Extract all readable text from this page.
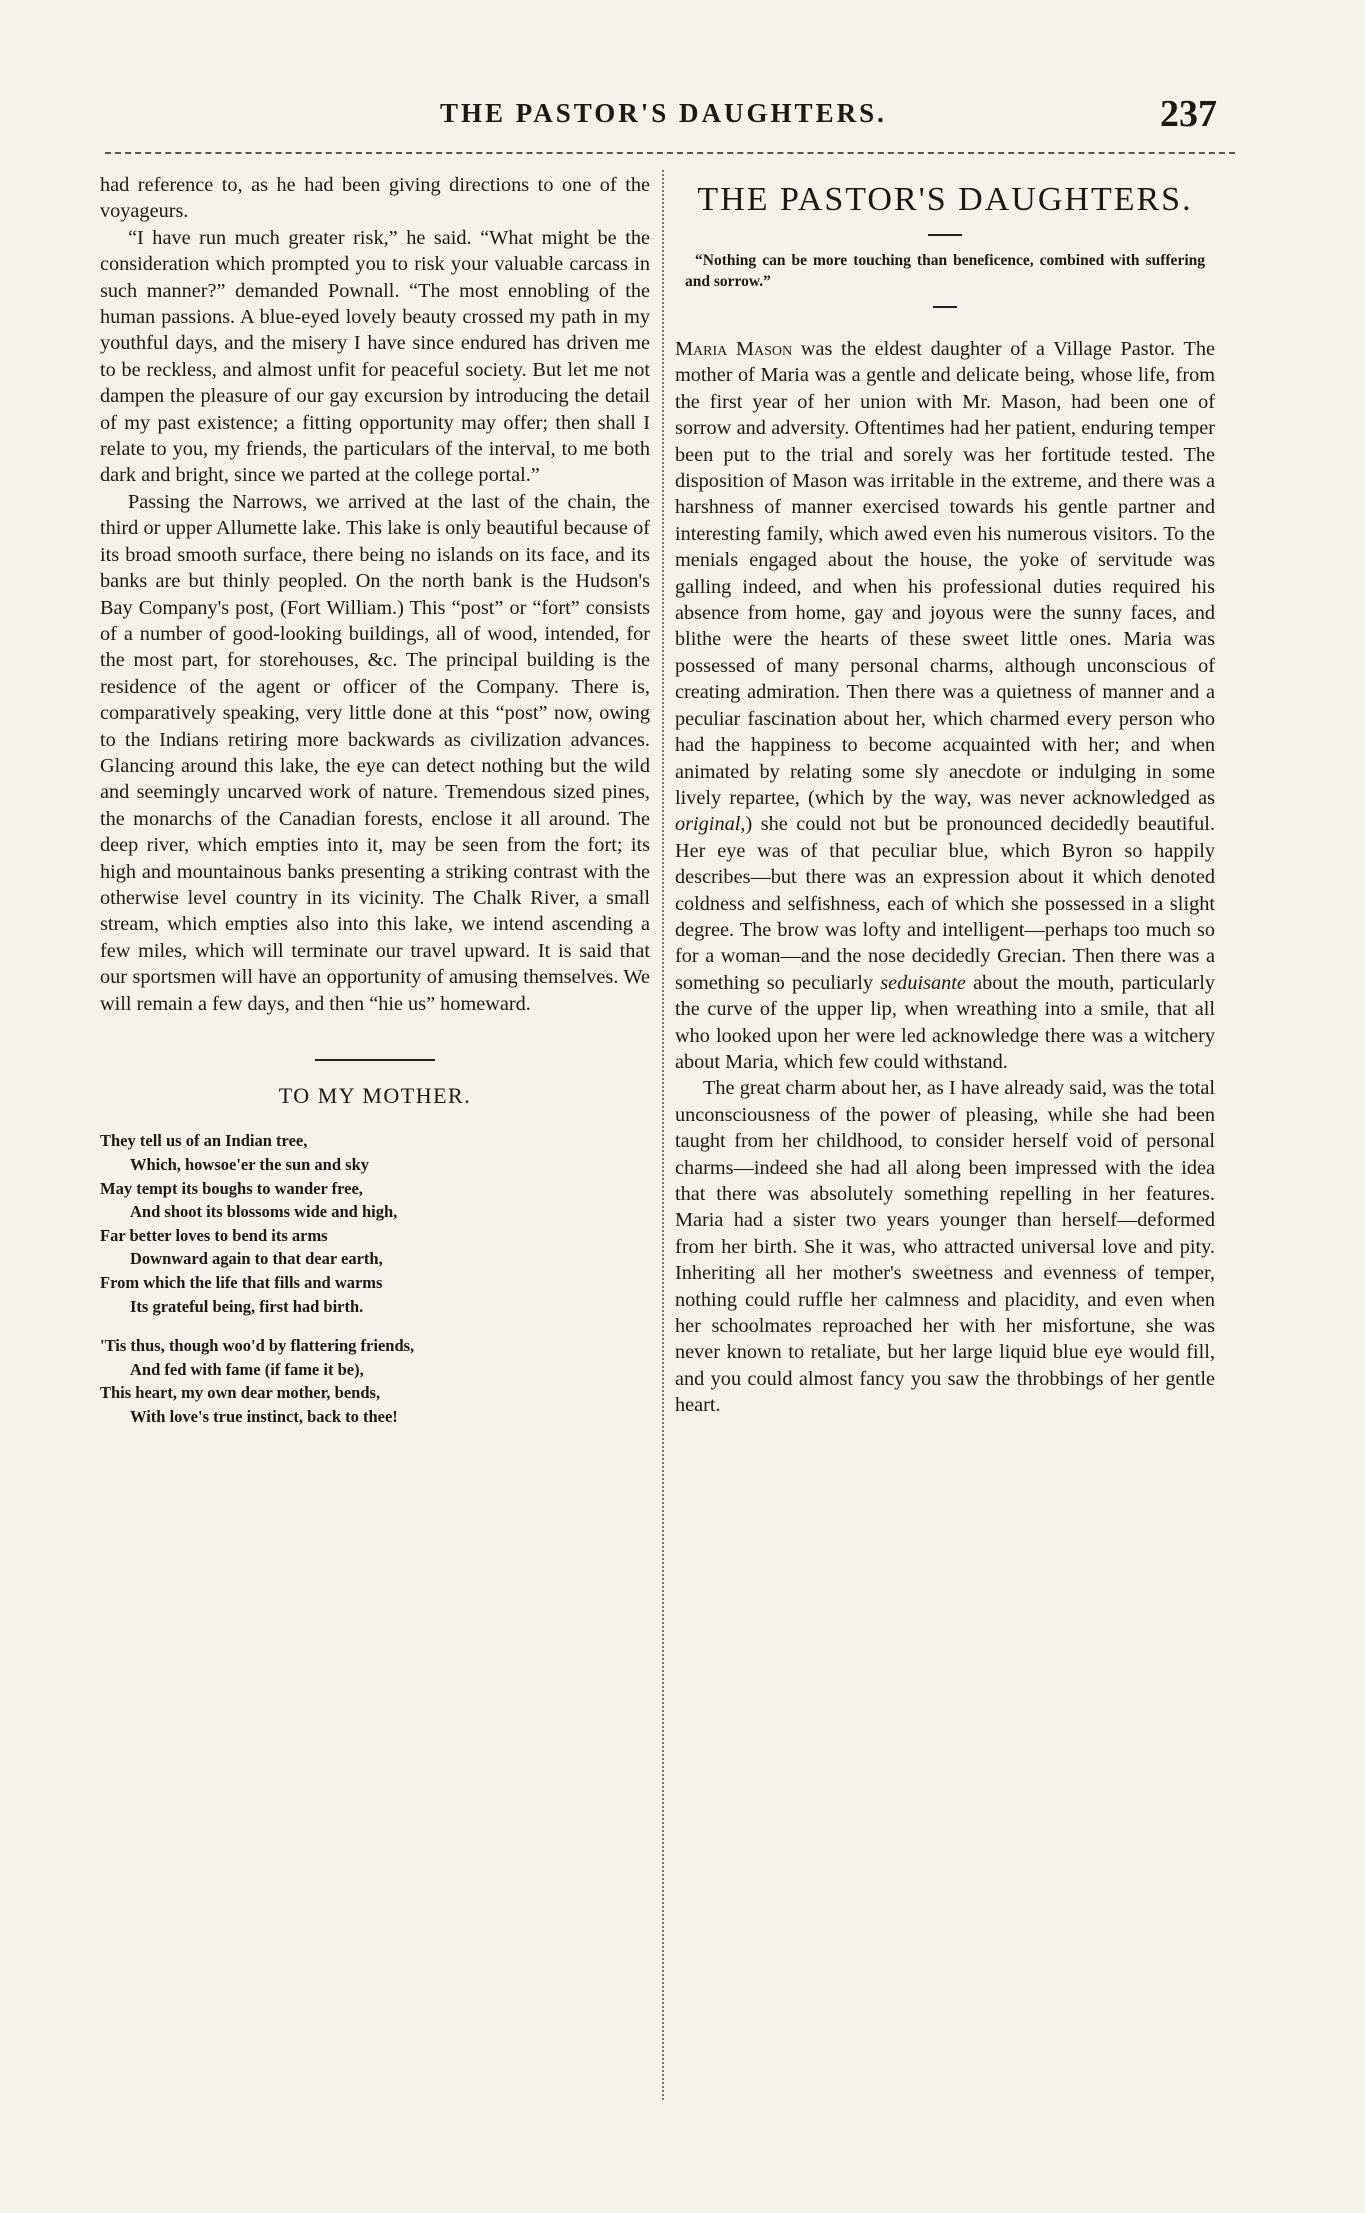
THE PASTOR'S DAUGHTERS.	237

had reference to, as he had been giving directions to one of the voyageurs.

“I have run much greater risk,” he said. “What might be the consideration which prompted you to risk your valuable carcass in such manner?” demanded Pownall. “The most ennobling of the human passions. A blue-eyed lovely beauty crossed my path in my youthful days, and the misery I have since endured has driven me to be reckless, and almost unfit for peaceful society. But let me not dampen the pleasure of our gay excursion by introducing the detail of my past existence; a fitting opportunity may offer; then shall I relate to you, my friends, the particulars of the interval, to me both dark and bright, since we parted at the college portal.”

Passing the Narrows, we arrived at the last of the chain, the third or upper Allumette lake. This lake is only beautiful because of its broad smooth surface, there being no islands on its face, and its banks are but thinly peopled. On the north bank is the Hudson's Bay Company's post, (Fort William.) This “post” or “fort” consists of a number of good-looking buildings, all of wood, intended, for the most part, for storehouses, &c. The principal building is the residence of the agent or officer of the Company. There is, comparatively speaking, very little done at this “post” now, owing to the Indians retiring more backwards as civilization advances. Glancing around this lake, the eye can detect nothing but the wild and seemingly uncarved work of nature. Tremendous sized pines, the monarchs of the Canadian forests, enclose it all around. The deep river, which empties into it, may be seen from the fort; its high and mountainous banks presenting a striking contrast with the otherwise level country in its vicinity. The Chalk River, a small stream, which empties also into this lake, we intend ascending a few miles, which will terminate our travel upward. It is said that our sportsmen will have an opportunity of amusing themselves. We will remain a few days, and then “hie us” homeward.

TO MY MOTHER.
They tell us of an Indian tree,
Which, howsoe'er the sun and sky
May tempt its boughs to wander free,
And shoot its blossoms wide and high,
Far better loves to bend its arms
Downward again to that dear earth,
From which the life that fills and warms
Its grateful being, first had birth.
'Tis thus, though woo'd by flattering friends,
And fed with fame (if fame it be),
This heart, my own dear mother, bends,
With love's true instinct, back to thee!
THE PASTOR'S DAUGHTERS.
“Nothing can be more touching than beneficence, combined with suffering and sorrow.”

Maria Mason was the eldest daughter of a Village Pastor. The mother of Maria was a gentle and delicate being, whose life, from the first year of her union with Mr. Mason, had been one of sorrow and adversity. Oftentimes had her patient, enduring temper been put to the trial and sorely was her fortitude tested. The disposition of Mason was irritable in the extreme, and there was a harshness of manner exercised towards his gentle partner and interesting family, which awed even his numerous visitors. To the menials engaged about the house, the yoke of servitude was galling indeed, and when his professional duties required his absence from home, gay and joyous were the sunny faces, and blithe were the hearts of these sweet little ones. Maria was possessed of many personal charms, although unconscious of creating admiration. Then there was a quietness of manner and a peculiar fascination about her, which charmed every person who had the happiness to become acquainted with her; and when animated by relating some sly anecdote or indulging in some lively repartee, (which by the way, was never acknowledged as original,) she could not but be pronounced decidedly beautiful. Her eye was of that peculiar blue, which Byron so happily describes—but there was an expression about it which denoted coldness and selfishness, each of which she possessed in a slight degree. The brow was lofty and intelligent—perhaps too much so for a woman—and the nose decidedly Grecian. Then there was a something so peculiarly seduisante about the mouth, particularly the curve of the upper lip, when wreathing into a smile, that all who looked upon her were led acknowledge there was a witchery about Maria, which few could withstand.

The great charm about her, as I have already said, was the total unconsciousness of the power of pleasing, while she had been taught from her childhood, to consider herself void of personal charms—indeed she had all along been impressed with the idea that there was absolutely something repelling in her features. Maria had a sister two years younger than herself—deformed from her birth. She it was, who attracted universal love and pity. Inheriting all her mother's sweetness and evenness of temper, nothing could ruffle her calmness and placidity, and even when her schoolmates reproached her with her misfortune, she was never known to retaliate, but her large liquid blue eye would fill, and you could almost fancy you saw the throbbings of her gentle heart.
